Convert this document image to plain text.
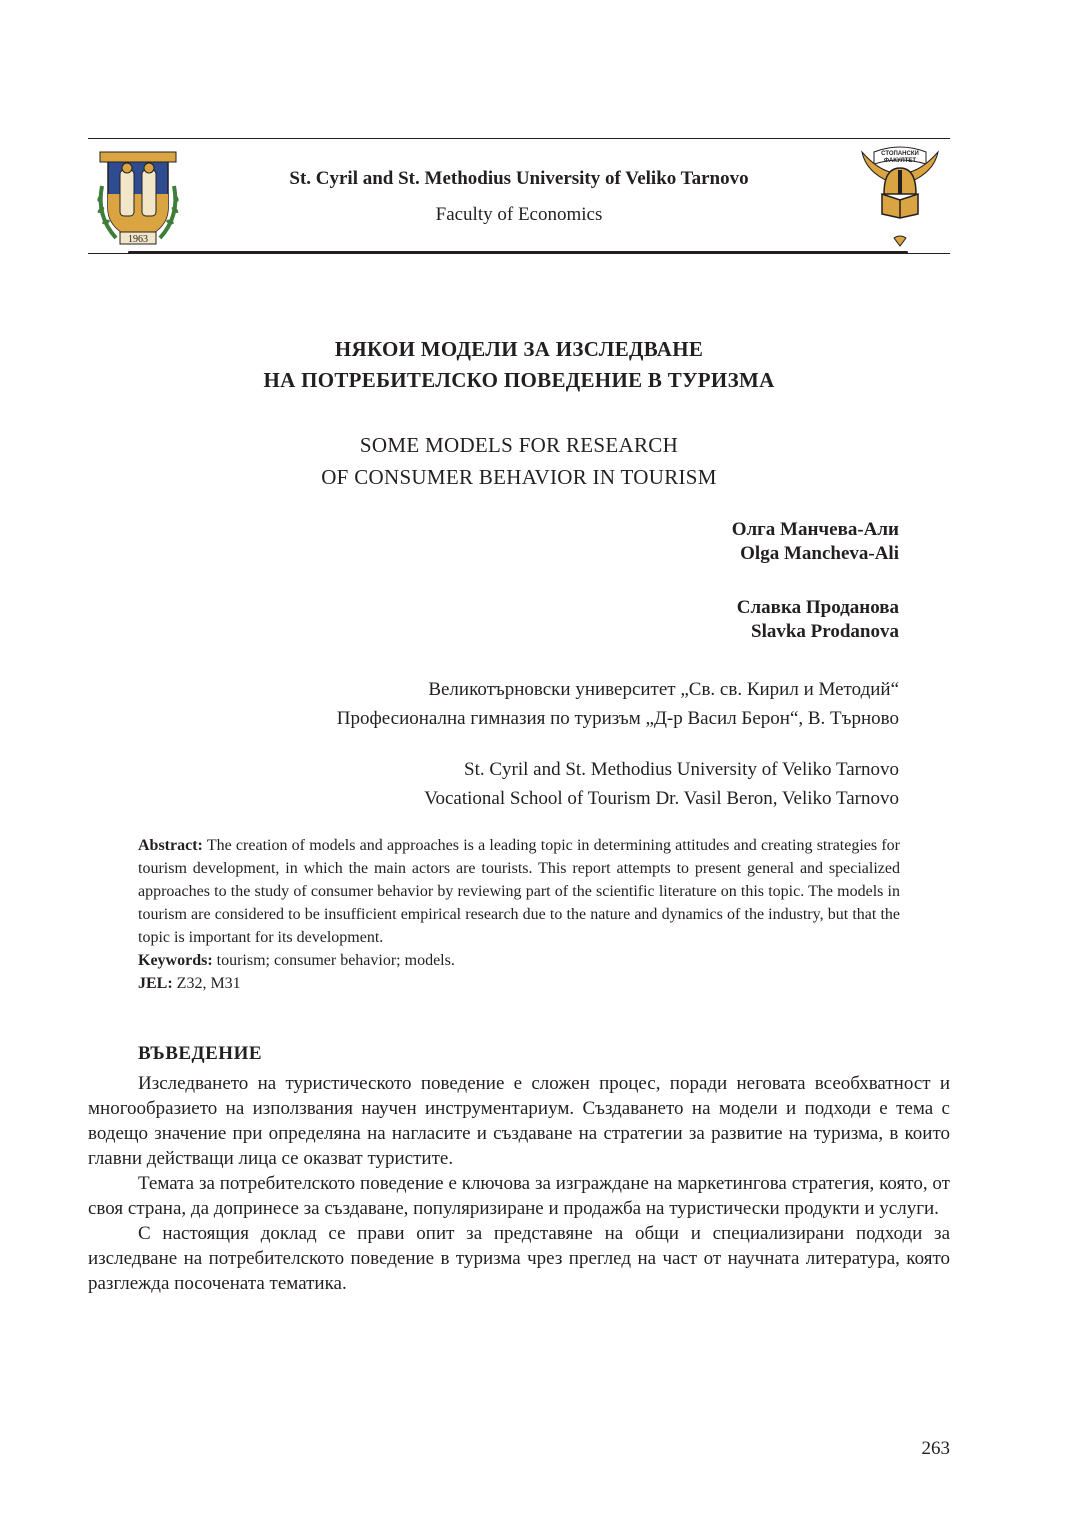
1963
St. Cyril and St. Methodius University of Veliko Tarnovo
Faculty of Economics
СТОПАНСКИ
ФАКУЛТЕТ
НЯКОИ МОДЕЛИ ЗА ИЗСЛЕДВАНЕ
НА ПОТРЕБИТЕЛСКО ПОВЕДЕНИЕ В ТУРИЗМА
SOME MODELS FOR RESEARCH
OF CONSUMER BEHAVIOR IN TOURISM
Олга Манчева-Али
Olga Mancheva-Ali
Славка Проданова
Slavka Prodanova
Великотърновски университет „Св. св. Кирил и Методий“
Професионална гимназия по туризъм „Д-р Васил Берон“, В. Търново
St. Cyril and St. Methodius University of Veliko Tarnovo
Vocational School of Tourism Dr. Vasil Beron, Veliko Tarnovo

Abstract: The creation of models and approaches is a leading topic in determining attitudes and creating strategies for tourism development, in which the main actors are tourists. This report attempts to present general and specialized approaches to the study of consumer behavior by reviewing part of the scientific literature on this topic. The models in tourism are considered to be insufficient empirical research due to the nature and dynamics of the industry, but that the topic is important for its development.

Keywords: tourism; consumer behavior; models.

JEL: Z32, M31

ВЪВЕДЕНИЕ

Изследването на туристическото поведение е сложен процес, поради неговата всеобхватност и многообразието на използвания научен инструментариум. Създаването на модели и подходи е тема с водещо значение при определяна на нагласите и създаване на стратегии за развитие на туризма, в които главни действащи лица се оказват туристите.

Темата за потребителското поведение е ключова за изграждане на маркетингова стратегия, която, от своя страна, да допринесе за създаване, популяризиране и продажба на туристически продукти и услуги.

С настоящия доклад се прави опит за представяне на общи и специализирани подходи за изследване на потребителското поведение в туризма чрез преглед на част от научната литература, която разглежда посочената тематика.

263
